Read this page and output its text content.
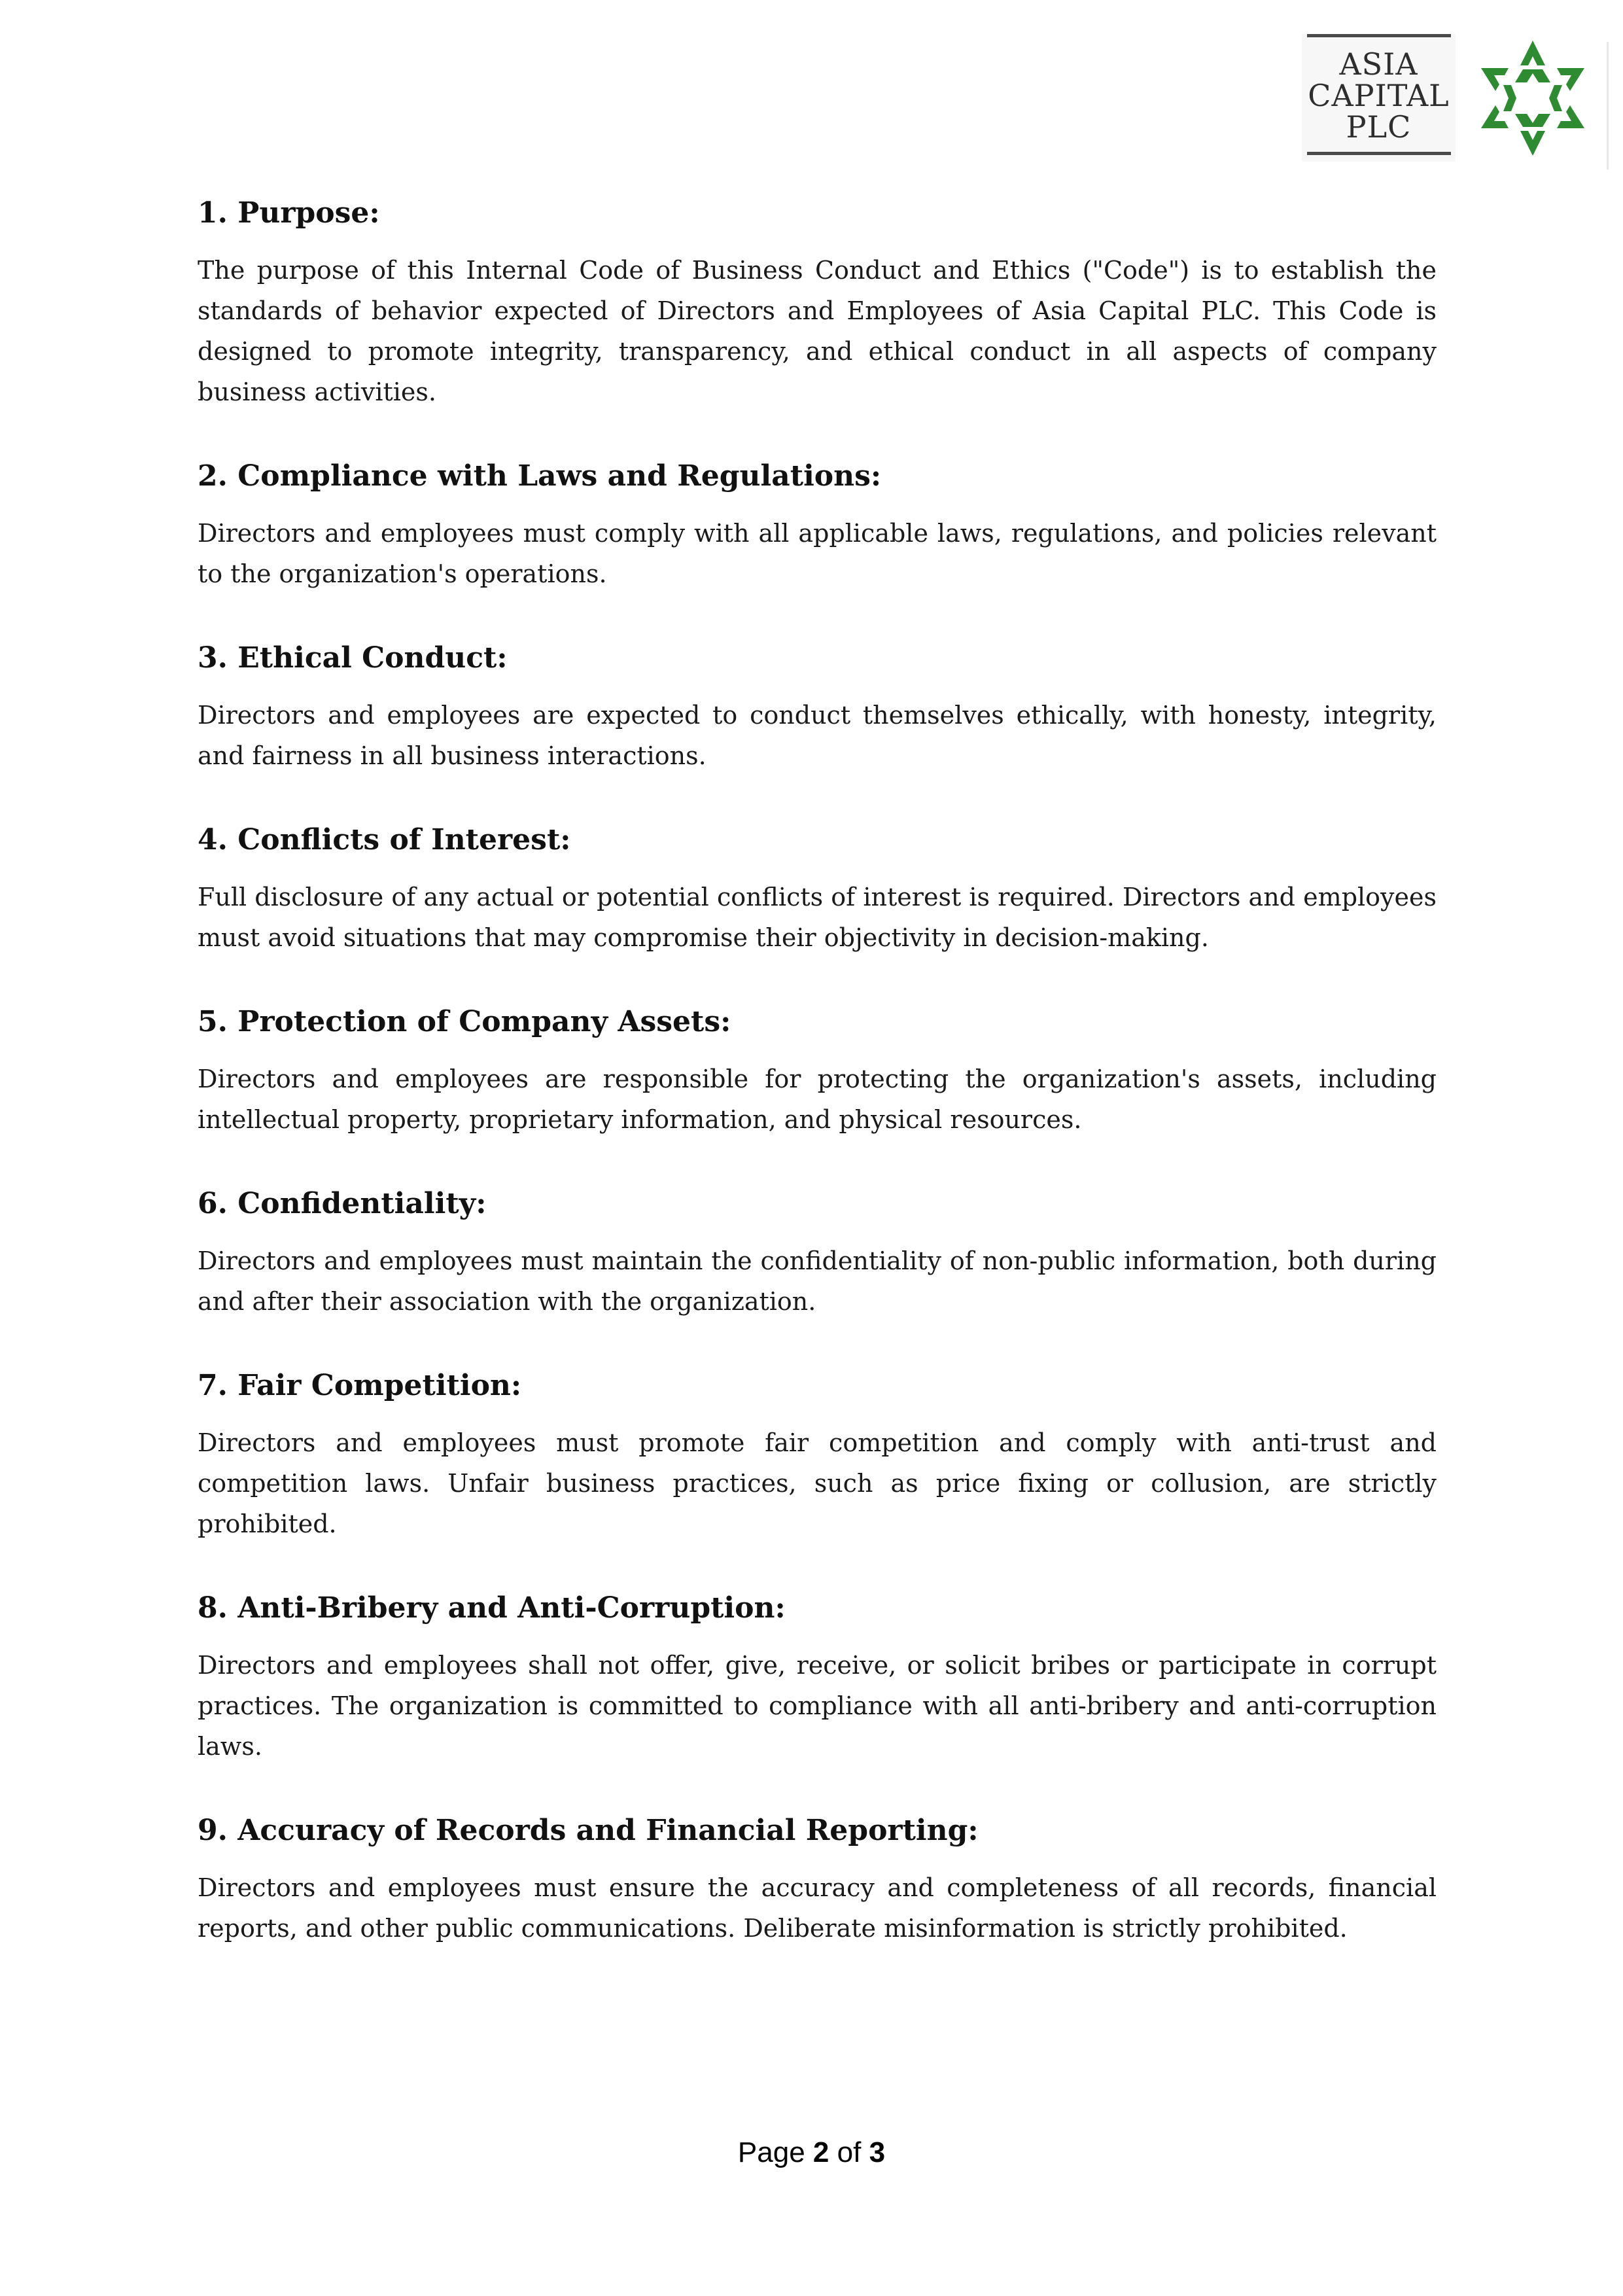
ASIA
CAPITAL
PLC
1. Purpose:

The purpose of this Internal Code of Business Conduct and Ethics ("Code") is to establish the standards of behavior expected of Directors and Employees of Asia Capital PLC. This Code is designed to promote integrity, transparency, and ethical conduct in all aspects of company business activities.

2. Compliance with Laws and Regulations:

Directors and employees must comply with all applicable laws, regulations, and policies relevant to the organization's operations.

3. Ethical Conduct:

Directors and employees are expected to conduct themselves ethically, with honesty, integrity, and fairness in all business interactions.

4. Conflicts of Interest:

Full disclosure of any actual or potential conflicts of interest is required. Directors and employees must avoid situations that may compromise their objectivity in decision-making.

5. Protection of Company Assets:

Directors and employees are responsible for protecting the organization's assets, including intellectual property, proprietary information, and physical resources.

6. Confidentiality:

Directors and employees must maintain the confidentiality of non-public information, both during and after their association with the organization.

7. Fair Competition:

Directors and employees must promote fair competition and comply with anti-trust and competition laws. Unfair business practices, such as price fixing or collusion, are strictly prohibited.

8. Anti-Bribery and Anti-Corruption:

Directors and employees shall not offer, give, receive, or solicit bribes or participate in corrupt practices. The organization is committed to compliance with all anti-bribery and anti-corruption laws.

9. Accuracy of Records and Financial Reporting:

Directors and employees must ensure the accuracy and completeness of all records, financial reports, and other public communications. Deliberate misinformation is strictly prohibited.

Page 2 of 3
